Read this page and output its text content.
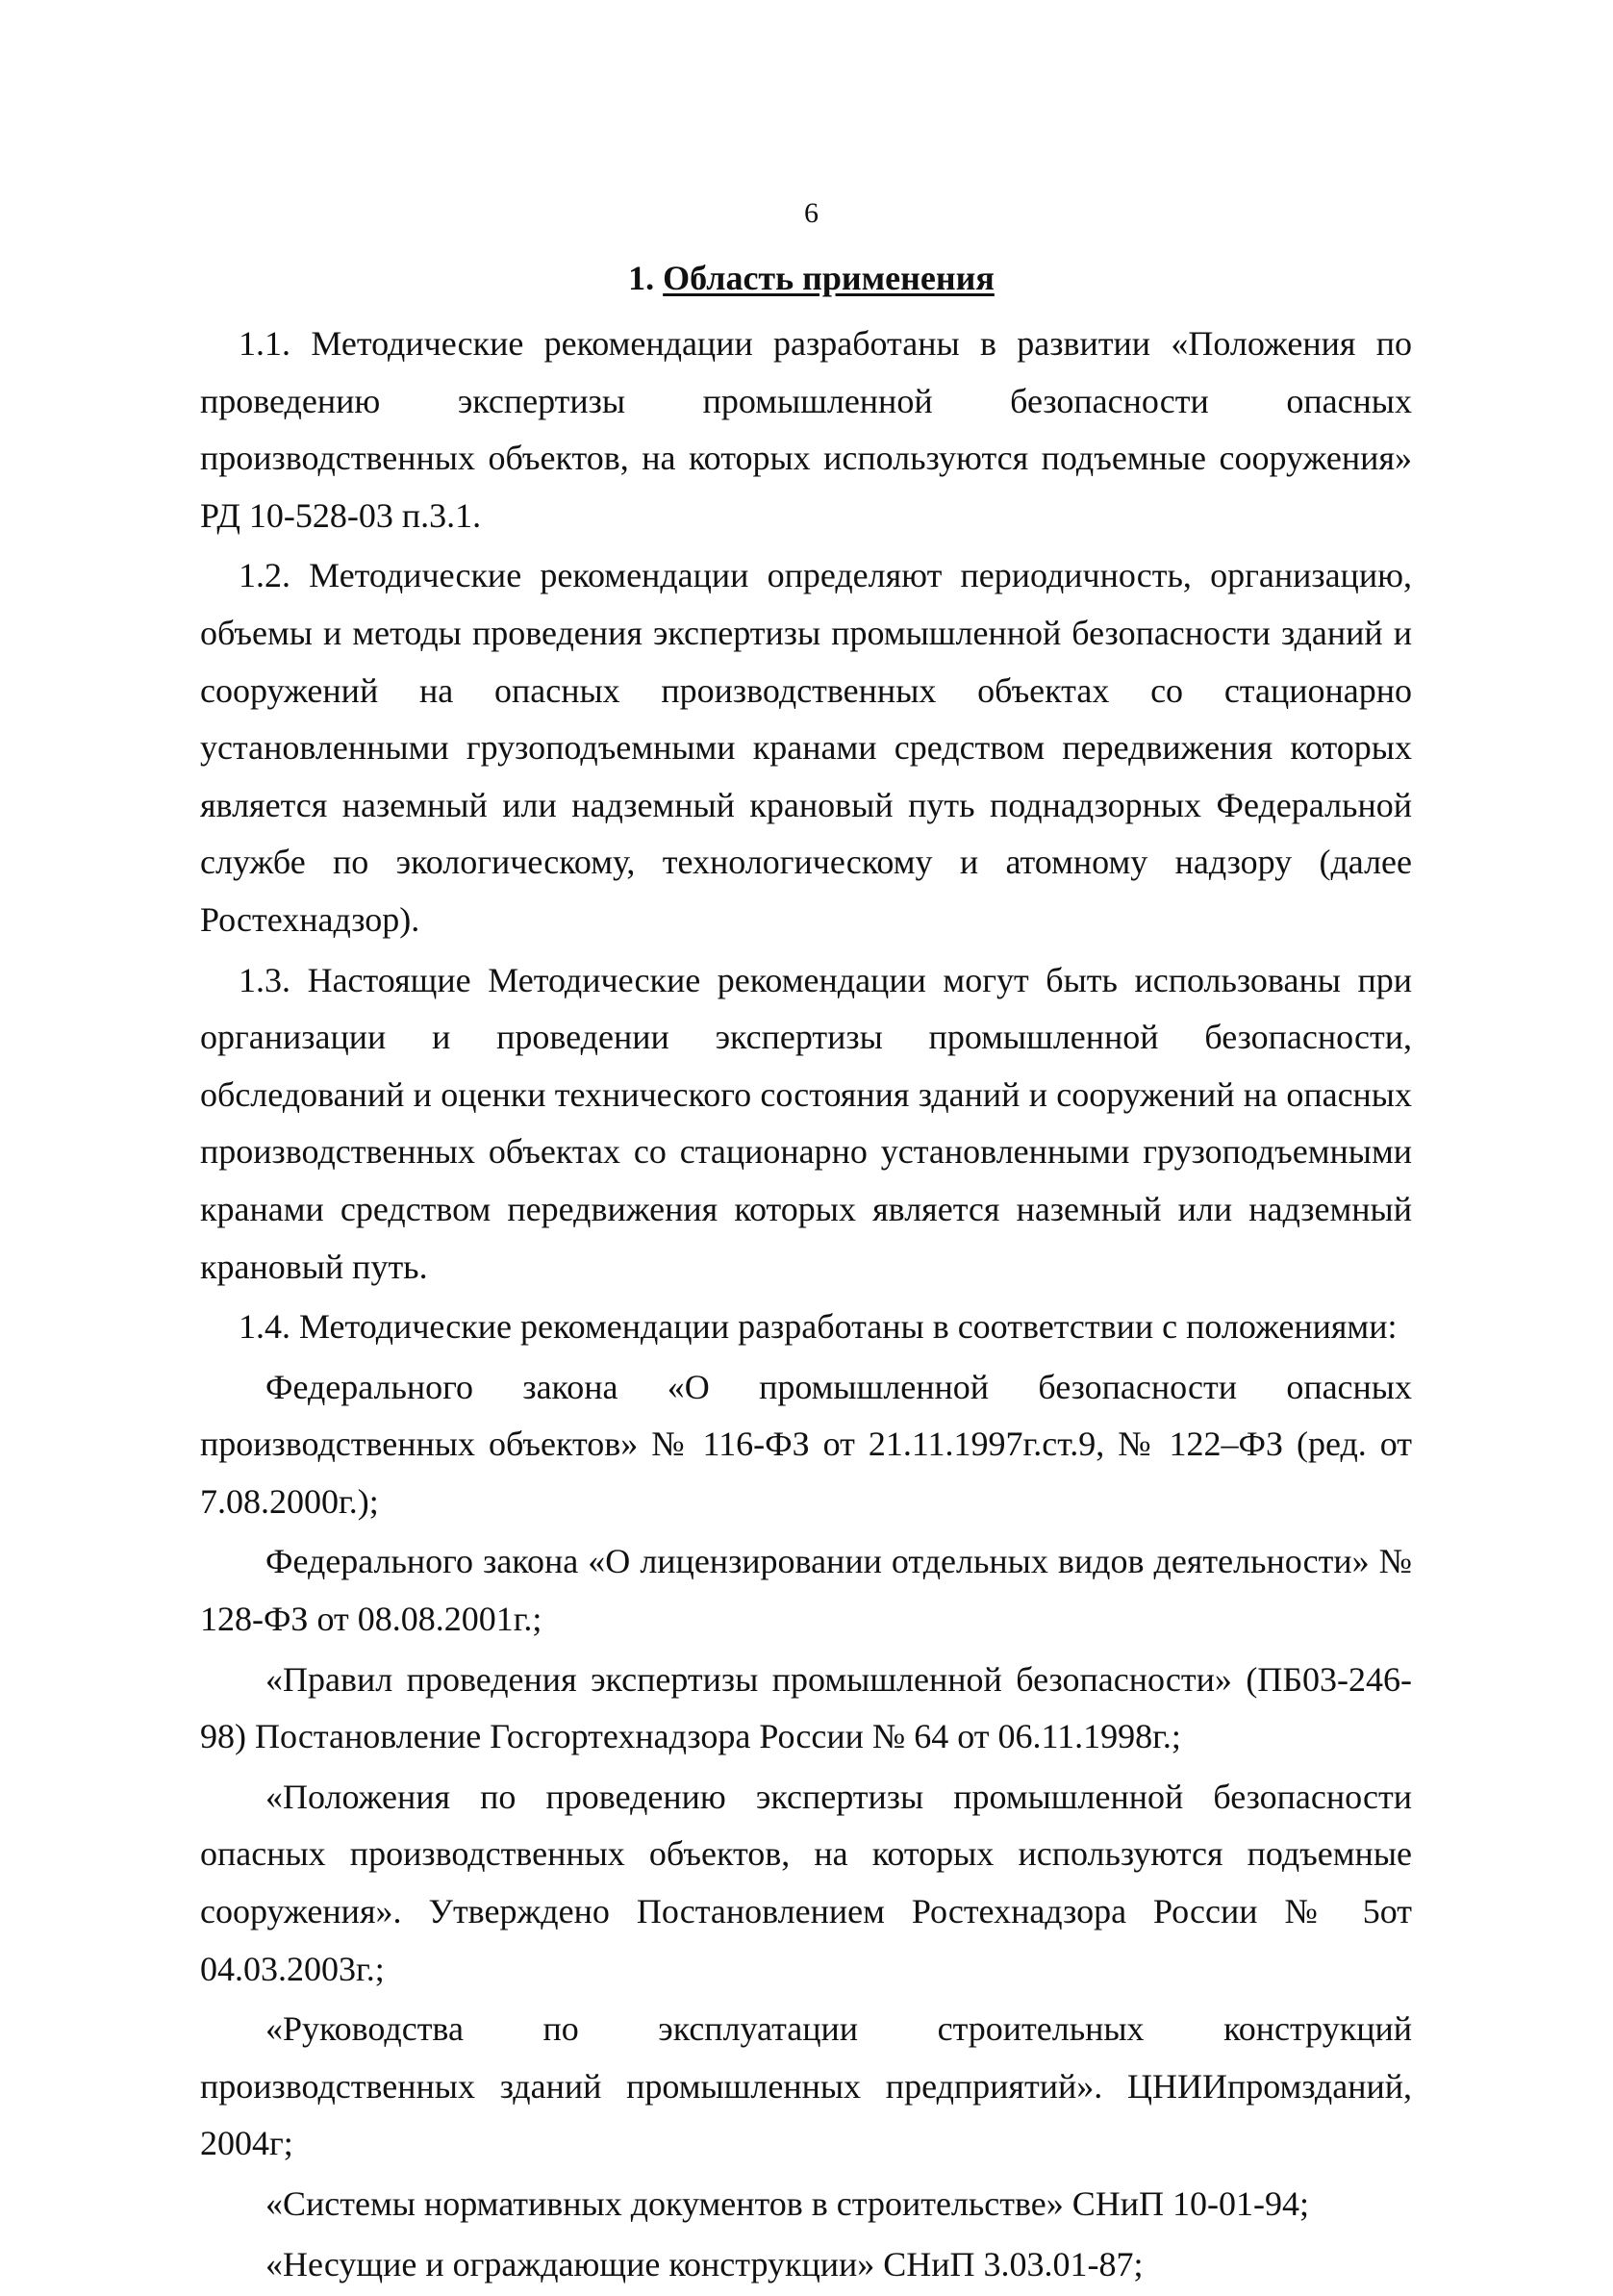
6
1. Область применения

1.1. Методические рекомендации разработаны в развитии «Положения по проведению экспертизы промышленной безопасности опасных производственных объектов, на которых используются подъемные сооружения» РД 10-528-03 п.3.1.

1.2. Методические рекомендации определяют периодичность, организацию, объемы и методы проведения экспертизы промышленной безопасности зданий и сооружений на опасных производственных объектах со стационарно установленными грузоподъемными кранами средством передвижения которых является наземный или надземный крановый путь поднадзорных Федеральной службе по экологическому, технологическому и атомному надзору (далее Ростехнадзор).

1.3. Настоящие Методические рекомендации могут быть использованы при организации и проведении экспертизы промышленной безопасности, обследований и оценки технического состояния зданий и сооружений на опасных производственных объектах со стационарно установленными грузоподъемными кранами средством передвижения которых является наземный или надземный крановый путь.

1.4. Методические рекомендации разработаны в соответствии с положениями:

Федерального закона «О промышленной безопасности опасных производственных объектов» № 116-ФЗ от 21.11.1997г.ст.9, № 122–ФЗ (ред. от 7.08.2000г.);

Федерального закона «О лицензировании отдельных видов деятельности» № 128-ФЗ от 08.08.2001г.;

«Правил проведения экспертизы промышленной безопасности» (ПБ03-246-98) Постановление Госгортехнадзора России № 64 от 06.11.1998г.;

«Положения по проведению экспертизы промышленной безопасности опасных производственных объектов, на которых используются подъемные сооружения». Утверждено Постановлением Ростехнадзора России № 5от 04.03.2003г.;

«Руководства по эксплуатации строительных конструкций производственных зданий промышленных предприятий». ЦНИИпромзданий, 2004г;

«Системы нормативных документов в строительстве» СНиП 10-01-94;

«Несущие и ограждающие конструкции» СНиП 3.03.01-87;
